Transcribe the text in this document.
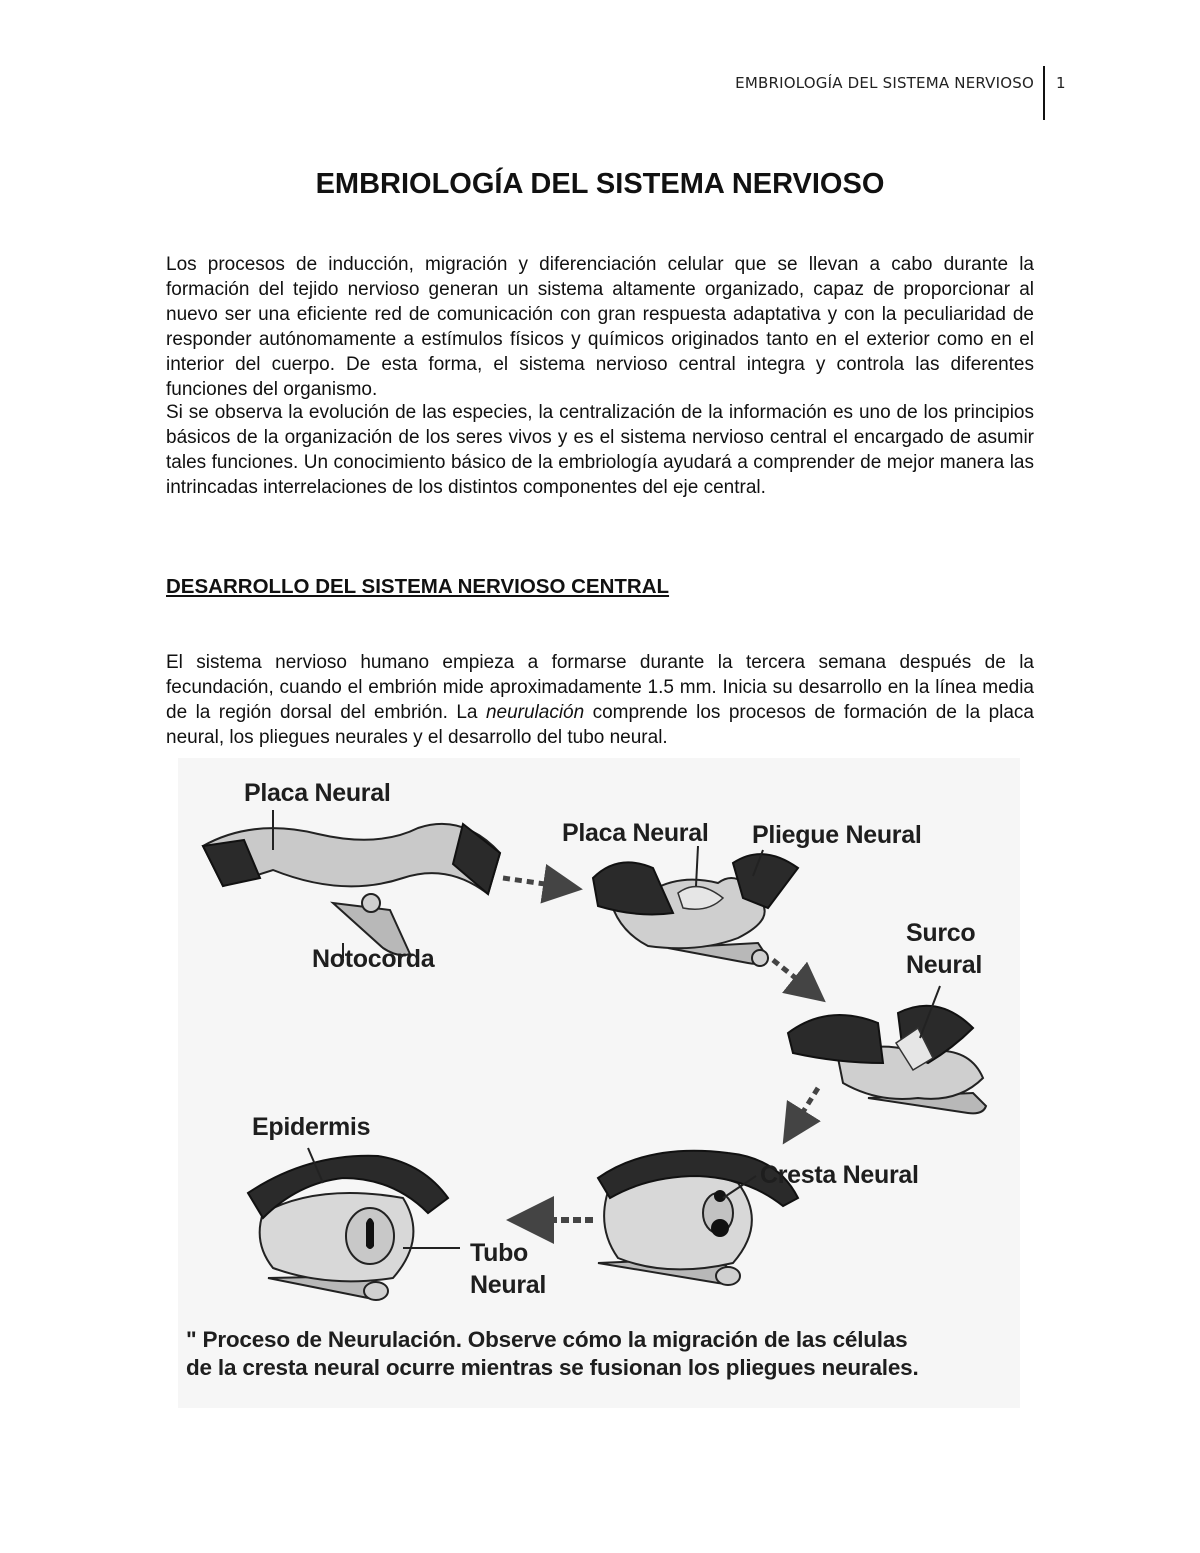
EMBRIOLOGÍA DEL SISTEMA NERVIOSO 1
EMBRIOLOGÍA DEL SISTEMA NERVIOSO

Los procesos de inducción, migración y diferenciación celular que se llevan a cabo durante la formación del tejido nervioso generan un sistema altamente organizado, capaz de proporcionar al nuevo ser una eficiente red de comunicación con gran respuesta adaptativa y con la peculiaridad de responder autónomamente a estímulos físicos y químicos originados tanto en el exterior como en el interior del cuerpo. De esta forma, el sistema nervioso central integra y controla las diferentes funciones del organismo.

Si se observa la evolución de las especies, la centralización de la información es uno de los principios básicos de la organización de los seres vivos y es el sistema nervioso central el encargado de asumir tales funciones. Un conocimiento básico de la embriología ayudará a comprender de mejor manera las intrincadas interrelaciones de los distintos componentes del eje central.

DESARROLLO DEL SISTEMA NERVIOSO CENTRAL

El sistema nervioso humano empieza a formarse durante la tercera semana después de la fecundación, cuando el embrión mide aproximadamente 1.5 mm. Inicia su desarrollo en la línea media de la región dorsal del embrión. La neurulación comprende los procesos de formación de la placa neural, los pliegues neurales y el desarrollo del tubo neural.

Placa Neural
Notocorda
Placa Neural Pliegue Neural
Surco
Neural
Epidermis
Cresta Neural
Tubo
Neural
" Proceso de Neurulación. Observe cómo la migración de las células
de la cresta neural ocurre mientras se fusionan los pliegues neurales.
